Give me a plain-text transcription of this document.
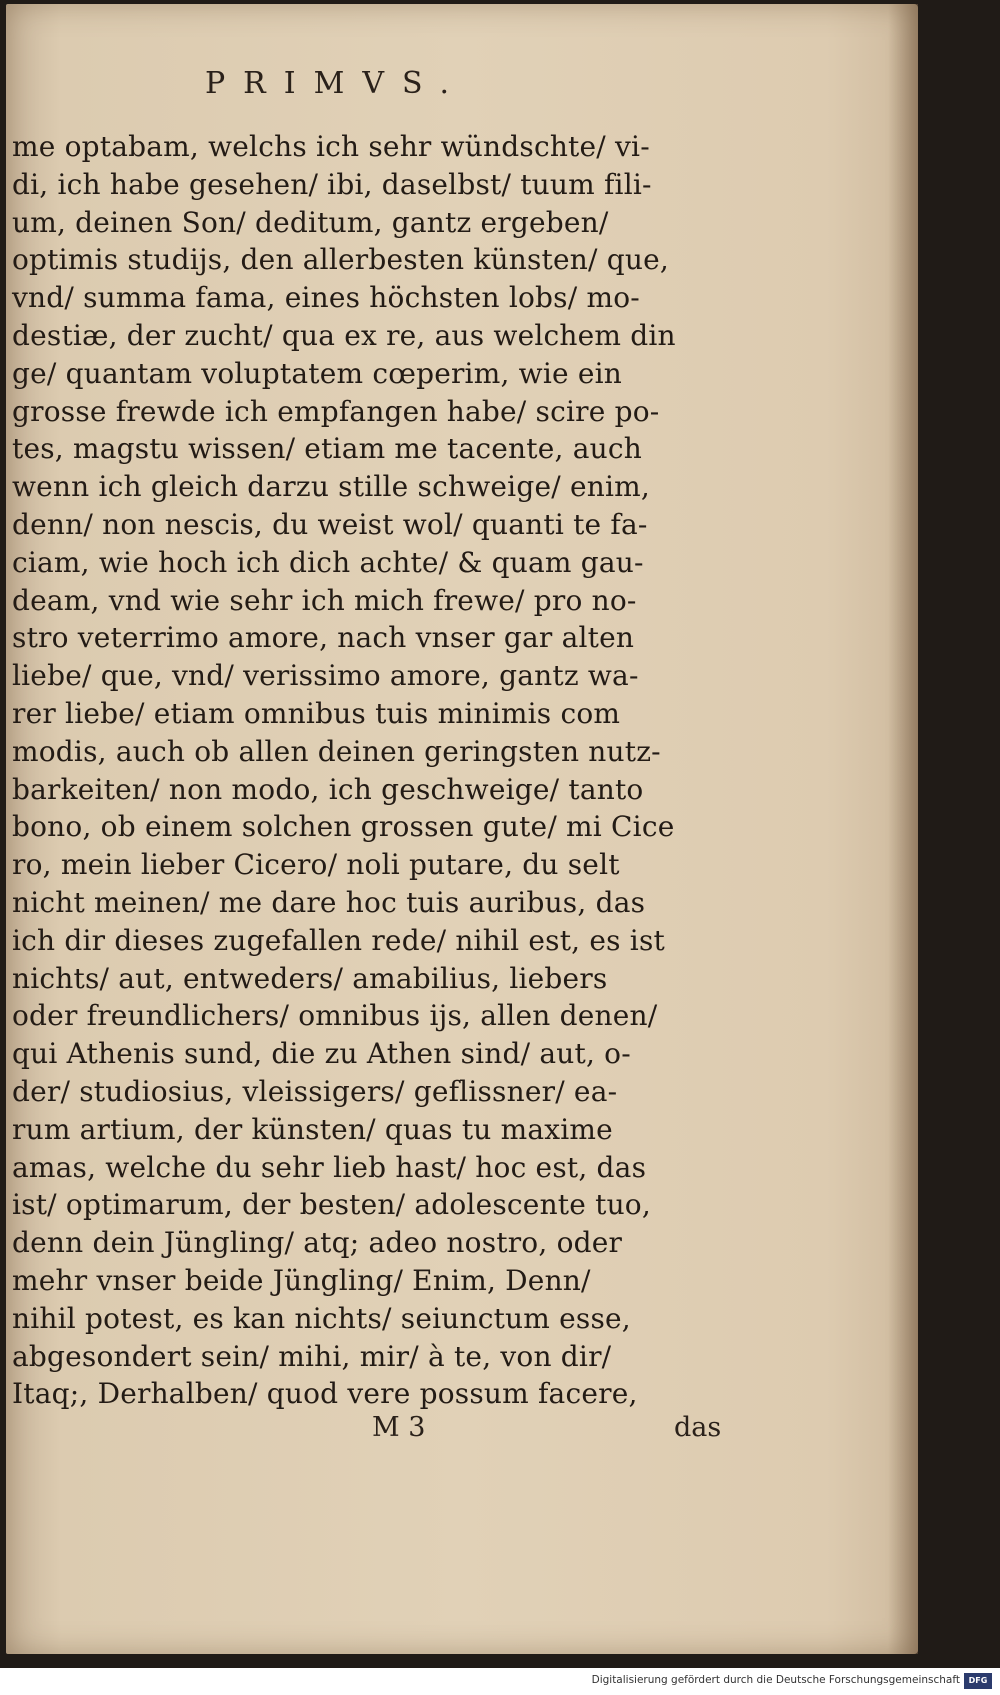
PRIMVS.
me optabam, welchs ich sehr wündschte/ vi-
di, ich habe gesehen/ ibi, daselbst/ tuum fili-
um, deinen Son/ deditum, gantz ergeben/
optimis studijs, den allerbesten künsten/ que,
vnd/ summa fama, eines höchsten lobs/ mo-
destiæ, der zucht/ qua ex re, aus welchem din
ge/ quantam voluptatem cœperim, wie ein
grosse frewde ich empfangen habe/ scire po-
tes, magstu wissen/ etiam me tacente, auch
wenn ich gleich darzu stille schweige/ enim,
denn/ non nescis, du weist wol/ quanti te fa-
ciam, wie hoch ich dich achte/ & quam gau-
deam, vnd wie sehr ich mich frewe/ pro no-
stro veterrimo amore, nach vnser gar alten
liebe/ que, vnd/ verissimo amore, gantz wa-
rer liebe/ etiam omnibus tuis minimis com
modis, auch ob allen deinen geringsten nutz-
barkeiten/ non modo, ich geschweige/ tanto
bono, ob einem solchen grossen gute/ mi Cice
ro, mein lieber Cicero/ noli putare, du selt
nicht meinen/ me dare hoc tuis auribus, das
ich dir dieses zugefallen rede/ nihil est, es ist
nichts/ aut, entweders/ amabilius, liebers
oder freundlichers/ omnibus ijs, allen denen/
qui Athenis sund, die zu Athen sind/ aut, o-
der/ studiosius, vleissigers/ geflissner/ ea-
rum artium, der künsten/ quas tu maxime
amas, welche du sehr lieb hast/ hoc est, das
ist/ optimarum, der besten/ adolescente tuo,
denn dein Jüngling/ atq; adeo nostro, oder
mehr vnser beide Jüngling/ Enim, Denn/
nihil potest, es kan nichts/ seiunctum esse,
abgesondert sein/ mihi, mir/ à te, von dir/
Itaq;, Derhalben/ quod vere possum facere,
M 3	das
Digitalisierung gefördert durch die Deutsche Forschungsgemeinschaft	DFG
